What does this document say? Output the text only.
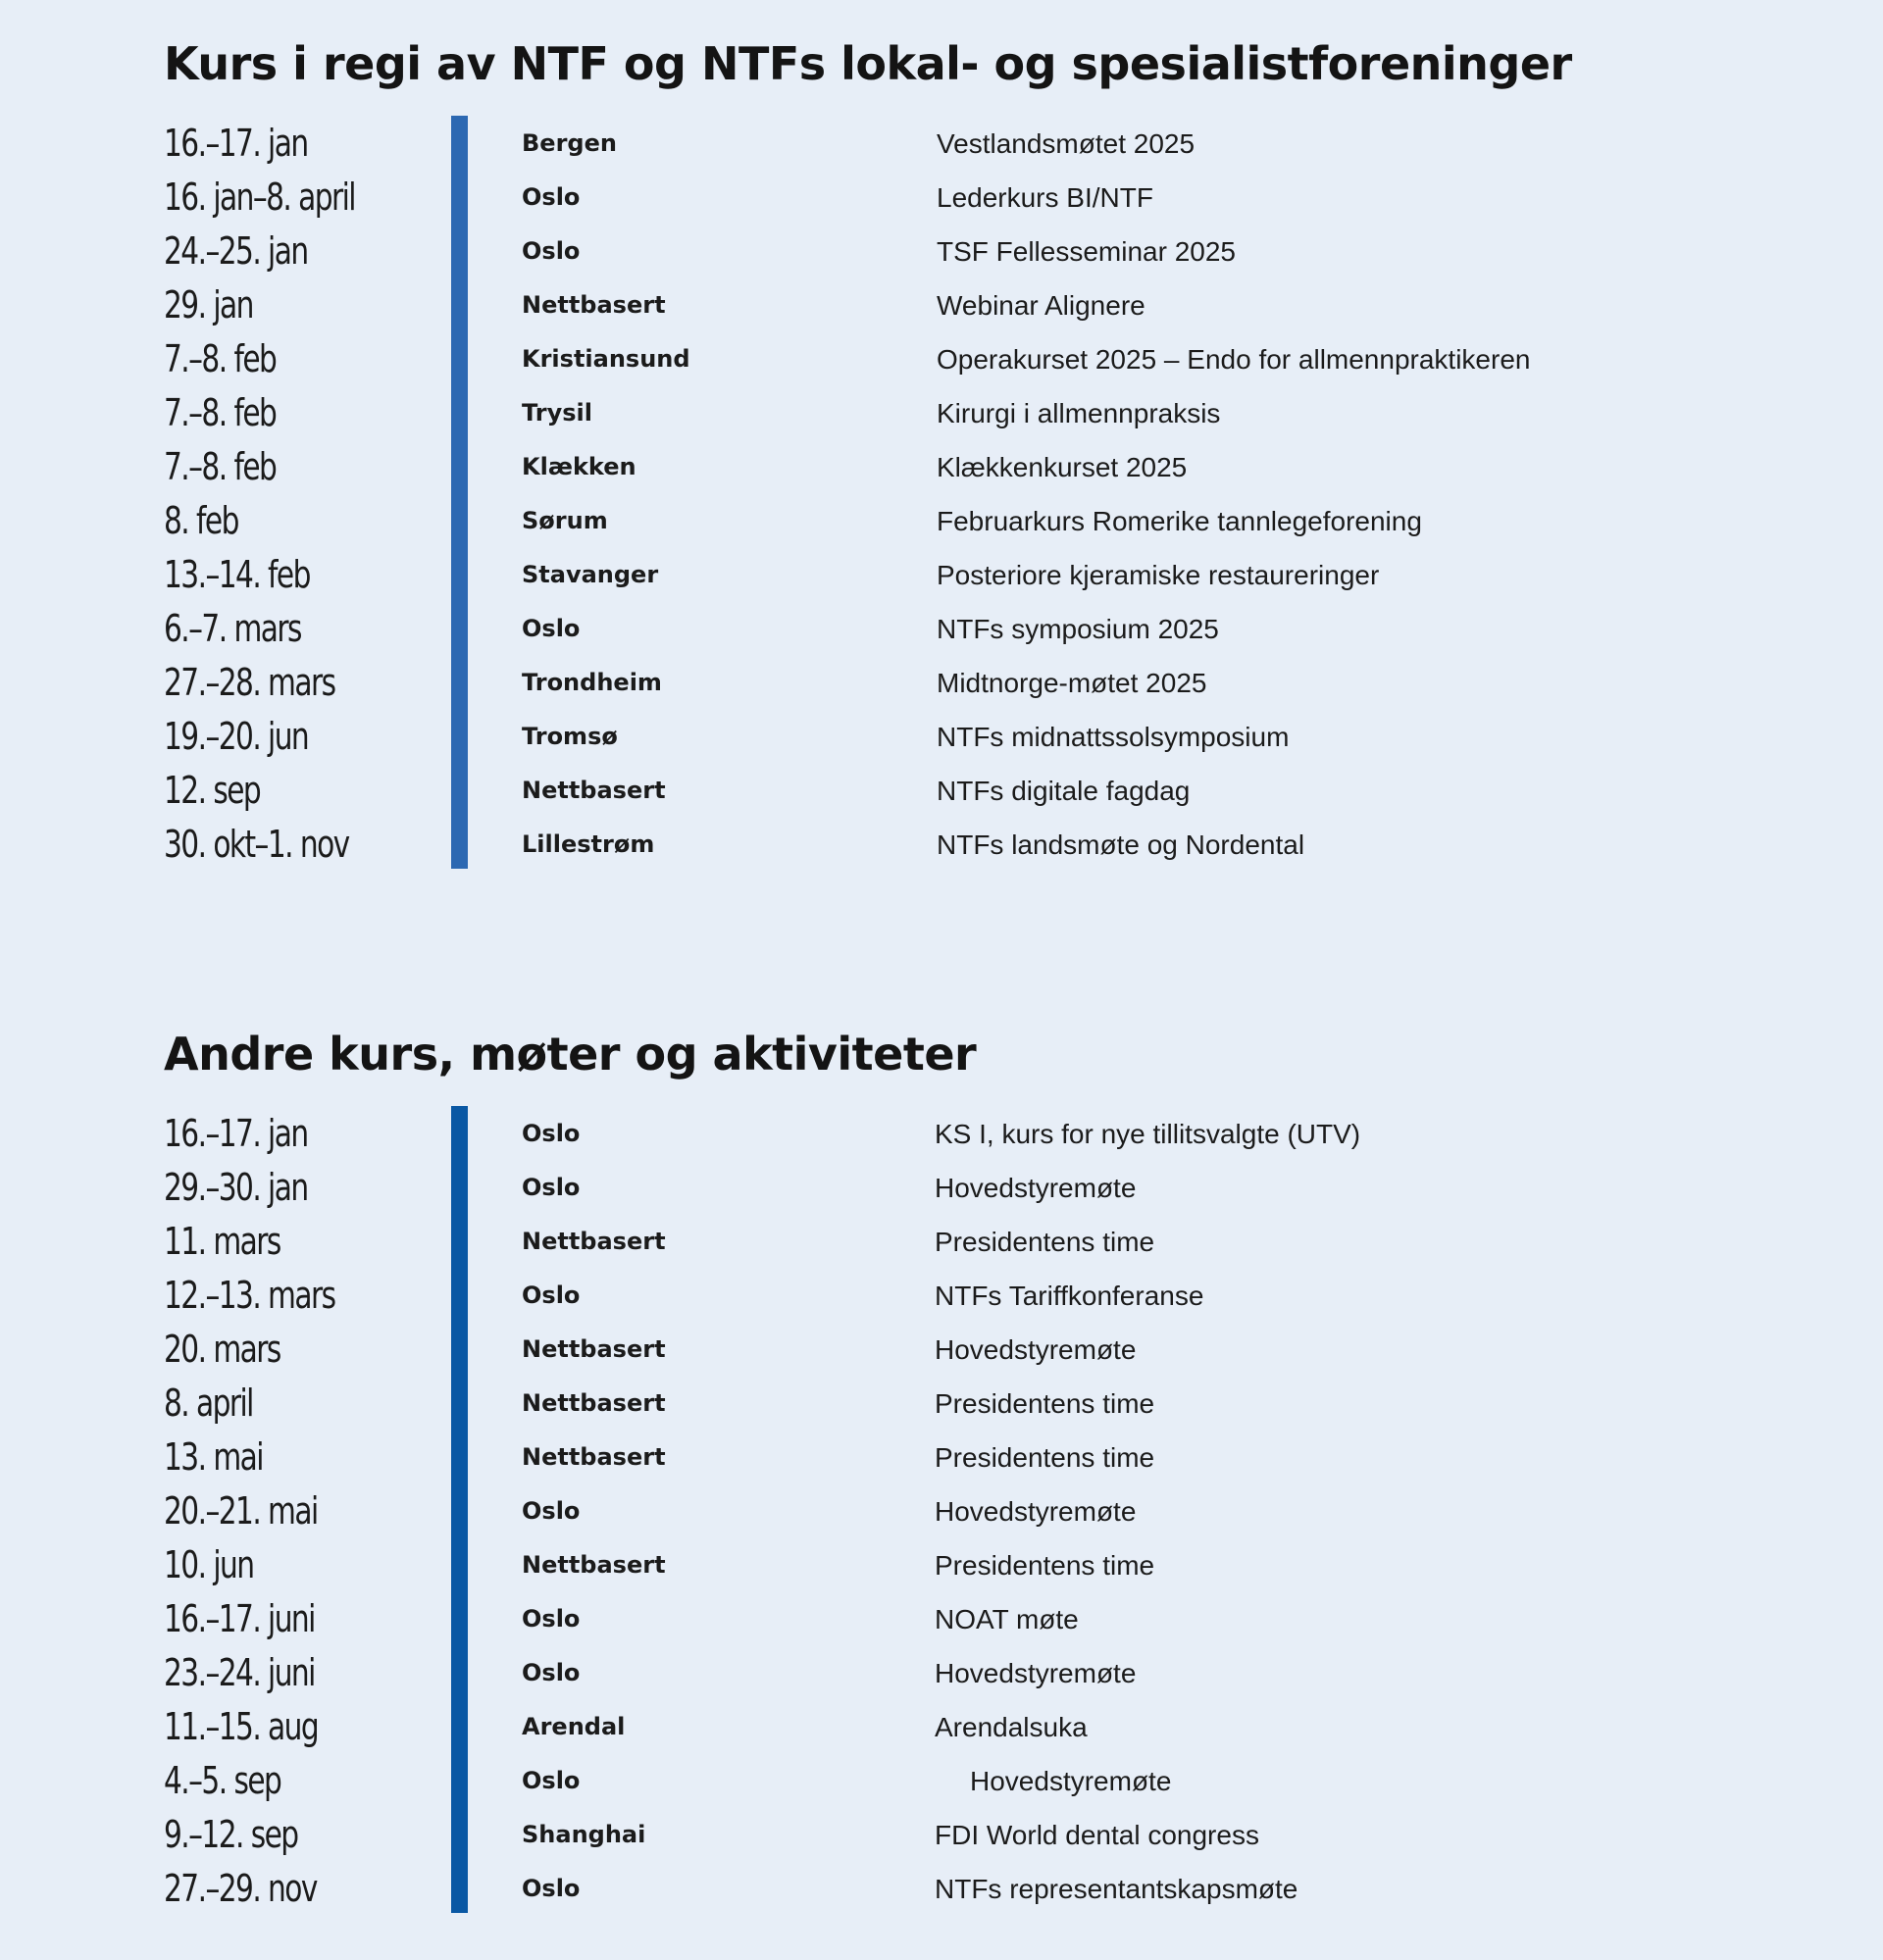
Kurs i regi av NTF og NTFs lokal- og spesialistforeninger
16.–17. jan	Bergen	Vestlandsmøtet 2025
16. jan–8. april	Oslo	Lederkurs BI/NTF
24.–25. jan	Oslo	TSF Fellesseminar 2025
29. jan	Nettbasert	Webinar Alignere
7.–8. feb	Kristiansund	Operakurset 2025 – Endo for allmennpraktikeren
7.–8. feb	Trysil	Kirurgi i allmennpraksis
7.–8. feb	Klækken	Klækkenkurset 2025
8. feb	Sørum	Februarkurs Romerike tannlegeforening
13.–14. feb	Stavanger	Posteriore kjeramiske restaureringer
6.–7. mars	Oslo	NTFs symposium 2025
27.–28. mars	Trondheim	Midtnorge-møtet 2025
19.–20. jun	Tromsø	NTFs midnattssolsymposium
12. sep	Nettbasert	NTFs digitale fagdag
30. okt–1. nov	Lillestrøm	NTFs landsmøte og Nordental
Andre kurs, møter og aktiviteter
16.–17. jan	Oslo	KS I, kurs for nye tillitsvalgte (UTV)
29.–30. jan	Oslo	Hovedstyremøte
11. mars	Nettbasert	Presidentens time
12.–13. mars	Oslo	NTFs Tariffkonferanse
20. mars	Nettbasert	Hovedstyremøte
8. april	Nettbasert	Presidentens time
13. mai	Nettbasert	Presidentens time
20.–21. mai	Oslo	Hovedstyremøte
10. jun	Nettbasert	Presidentens time
16.–17. juni	Oslo	NOAT møte
23.–24. juni	Oslo	Hovedstyremøte
11.–15. aug	Arendal	Arendalsuka
4.–5. sep	Oslo	Hovedstyremøte
9.–12. sep	Shanghai	FDI World dental congress
27.–29. nov	Oslo	NTFs representantskapsmøte
